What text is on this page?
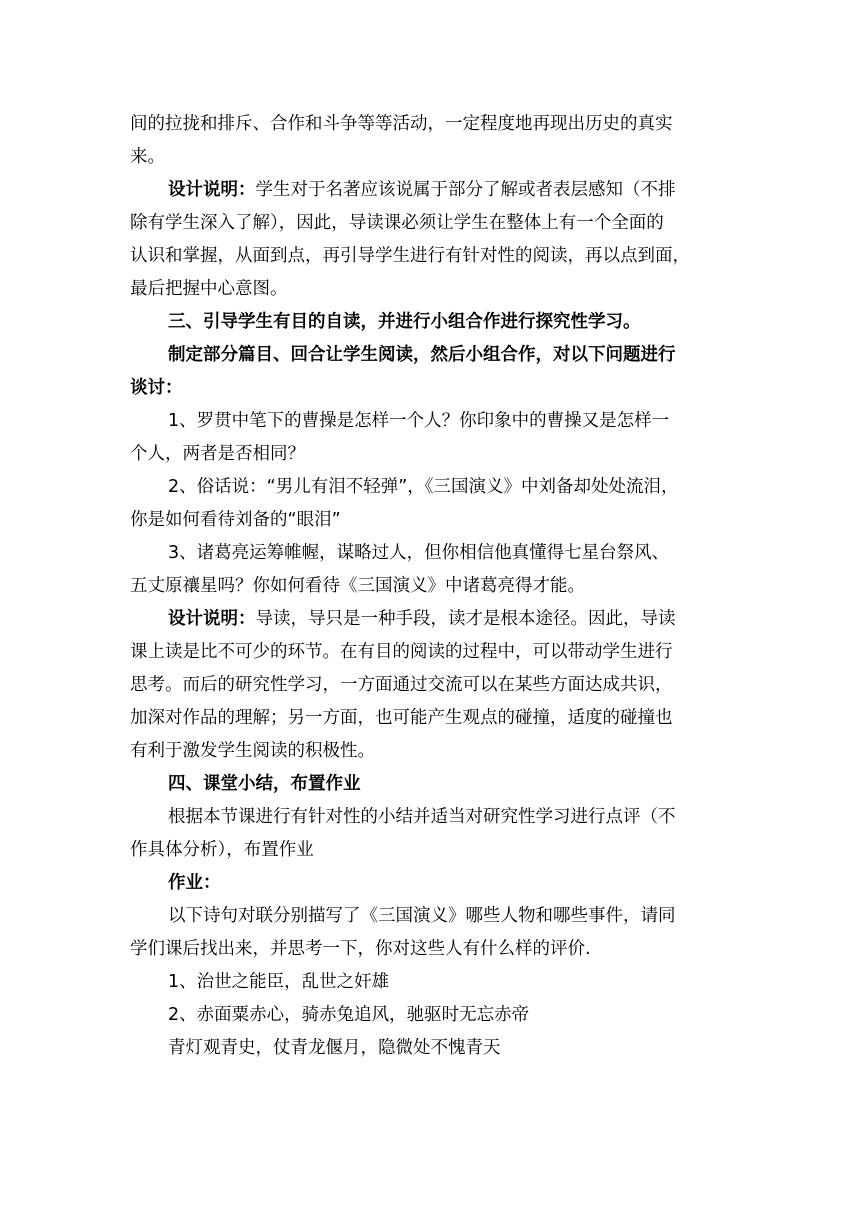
间的拉拢和排斥、合作和斗争等等活动，一定程度地再现出历史的真实
来。

设计说明：学生对于名著应该说属于部分了解或者表层感知（不排
除有学生深入了解），因此，导读课必须让学生在整体上有一个全面的
认识和掌握，从面到点，再引导学生进行有针对性的阅读，再以点到面，
最后把握中心意图。

三、引导学生有目的自读，并进行小组合作进行探究性学习。

制定部分篇目、回合让学生阅读，然后小组合作，对以下问题进行
谈讨：

1、罗贯中笔下的曹操是怎样一个人？你印象中的曹操又是怎样一
个人，两者是否相同？

2、俗话说：“男儿有泪不轻弹”，《三国演义》中刘备却处处流泪，
你是如何看待刘备的“眼泪”

3、诸葛亮运筹帷幄，谋略过人，但你相信他真懂得七星台祭风、
五丈原禳星吗？你如何看待《三国演义》中诸葛亮得才能。

设计说明：导读，导只是一种手段，读才是根本途径。因此，导读
课上读是比不可少的环节。在有目的阅读的过程中，可以带动学生进行
思考。而后的研究性学习，一方面通过交流可以在某些方面达成共识，
加深对作品的理解；另一方面，也可能产生观点的碰撞，适度的碰撞也
有利于激发学生阅读的积极性。

四、课堂小结，布置作业

根据本节课进行有针对性的小结并适当对研究性学习进行点评（不
作具体分析），布置作业

作业：

以下诗句对联分别描写了《三国演义》哪些人物和哪些事件，请同
学们课后找出来，并思考一下，你对这些人有什么样的评价.

1、治世之能臣，乱世之奸雄

2、赤面粟赤心，骑赤兔追风，驰驱时无忘赤帝

青灯观青史，仗青龙偃月，隐微处不愧青天
